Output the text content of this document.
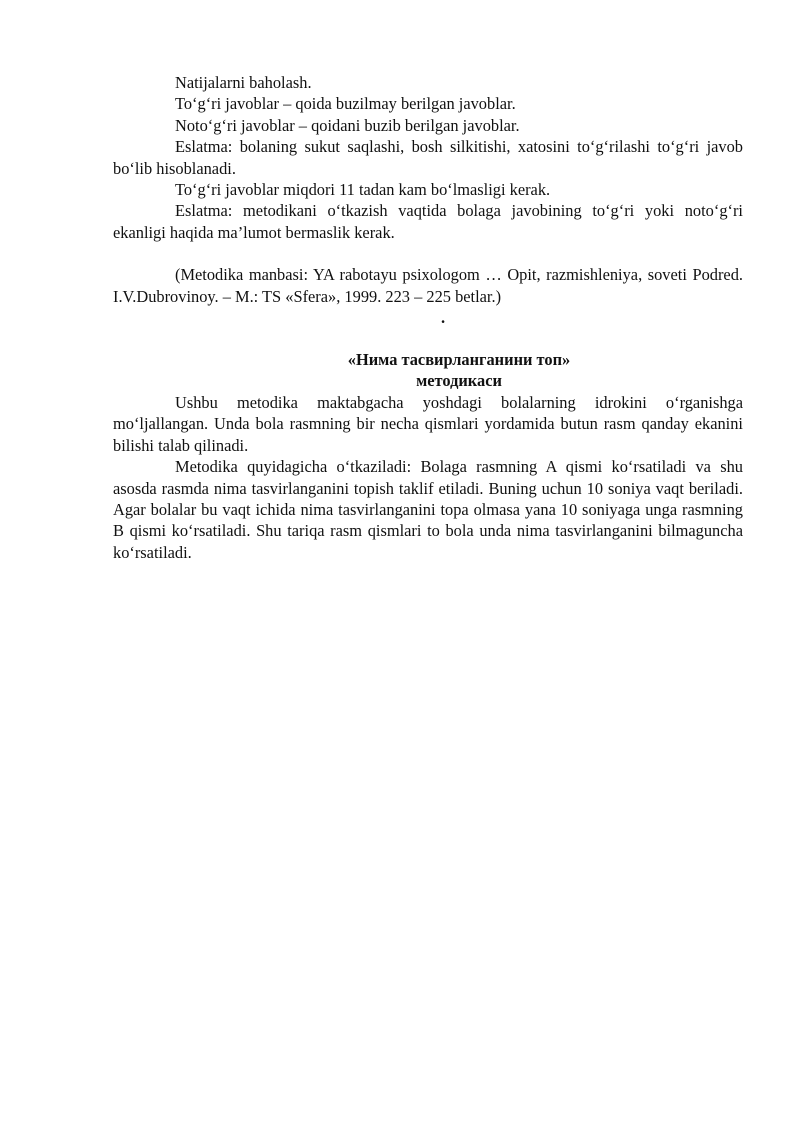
Natijalarni baholash.

To‘g‘ri javoblar – qoida buzilmay berilgan javoblar.

Noto‘g‘ri javoblar – qoidani buzib berilgan javoblar.

Eslatma: bolaning sukut saqlashi, bosh silkitishi, xatosini to‘g‘rilashi to‘g‘ri javob bo‘lib hisoblanadi.

To‘g‘ri javoblar miqdori 11 tadan kam bo‘lmasligi kerak.

Eslatma: metodikani o‘tkazish vaqtida bolaga javobining to‘g‘ri yoki noto‘g‘ri ekanligi haqida ma’lumot bermaslik kerak.

(Metodika manbasi: YA rabotayu psixologom … Opit, razmishleniya, soveti Podred. I.V.Dubrovinoy. – M.: TS «Sfera», 1999. 223 – 225 betlar.)

.

«Нима тасвирланганини топ»

методикаси

Ushbu metodika maktabgacha yoshdagi bolalarning idrokini o‘rganishga mo‘ljallangan. Unda bola rasmning bir necha qismlari yordamida butun rasm qanday ekanini bilishi talab qilinadi.

Metodika quyidagicha o‘tkaziladi: Bolaga rasmning A qismi ko‘rsatiladi va shu asosda rasmda nima tasvirlanganini topish taklif etiladi. Buning uchun 10 soniya vaqt beriladi. Agar bolalar bu vaqt ichida nima tasvirlanganini topa olmasa yana 10 soniyaga unga rasmning B qismi ko‘rsatiladi. Shu tariqa rasm qismlari to bola unda nima tasvirlanganini bilmaguncha ko‘rsatiladi.
